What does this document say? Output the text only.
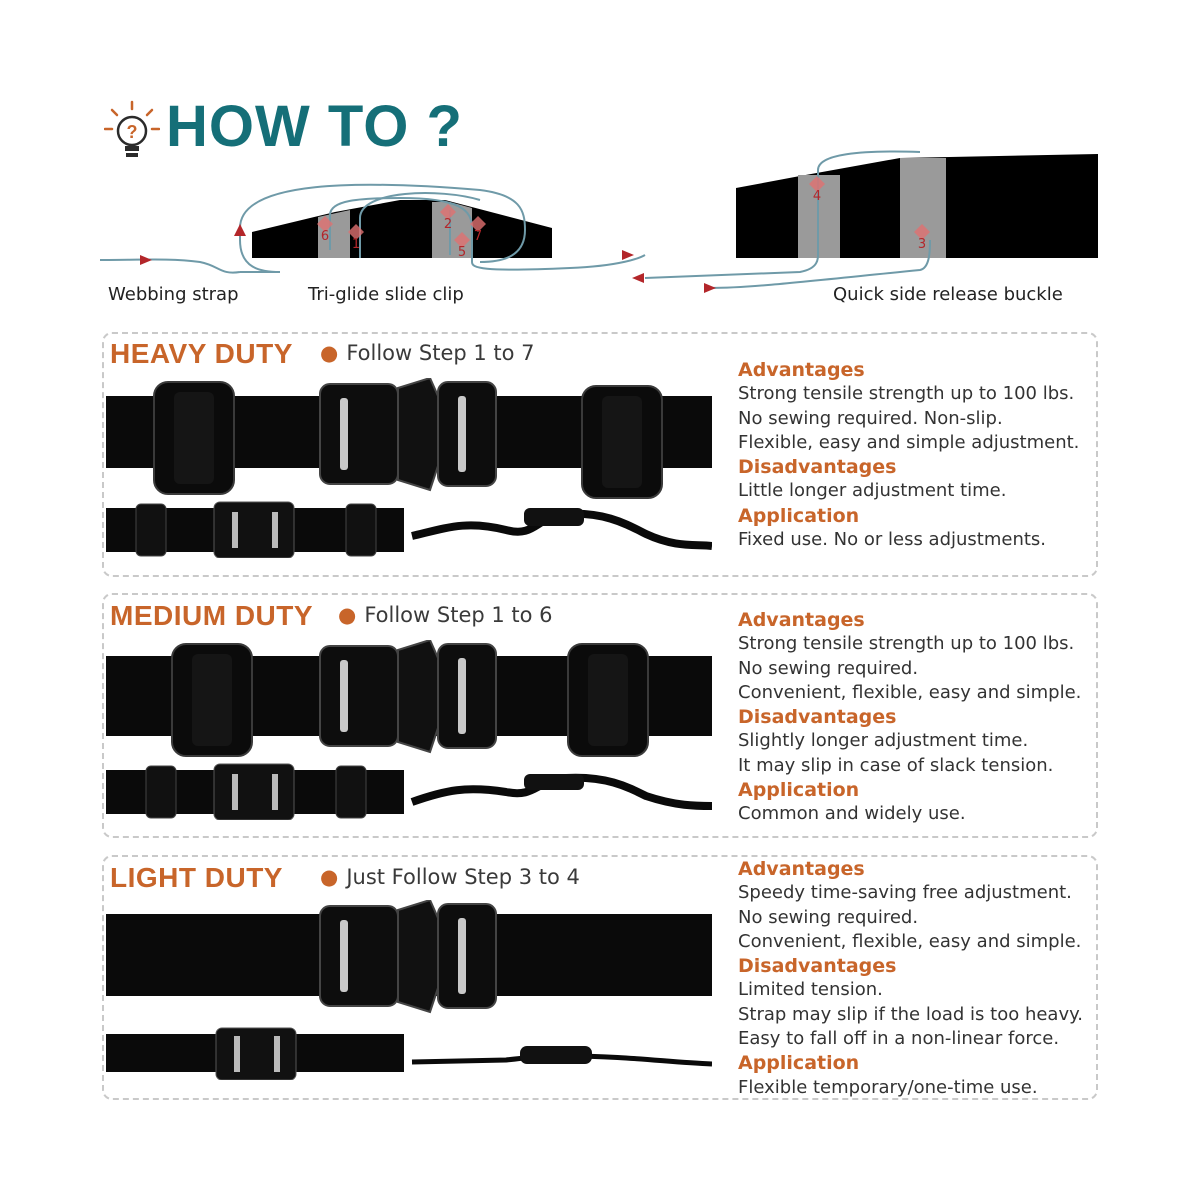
? HOW TO ?
1
2
3
4
5
6	7
Webbing strap	Tri-glide slide clip	Quick side release buckle
HEAVY DUTY ● Follow Step 1 to 7
Advantages
Strong tensile strength up to 100 lbs.
No sewing required. Non-slip.
Flexible, easy and simple adjustment.
Disadvantages
Little longer adjustment time.
Application
Fixed use. No or less adjustments.
MEDIUM DUTY ● Follow Step 1 to 6	Advantages
Strong tensile strength up to 100 lbs.
No sewing required.
Convenient, flexible, easy and simple.
Disadvantages
Slightly longer adjustment time.
It may slip in case of slack tension.
Application
Common and widely use.
LIGHT DUTY ● Just Follow Step 3 to 4	Advantages
Speedy time-saving free adjustment.
No sewing required.
Convenient, flexible, easy and simple.
Disadvantages
Limited tension.
Strap may slip if the load is too heavy.
Easy to fall off in a non-linear force.
Application
Flexible temporary/one-time use.
